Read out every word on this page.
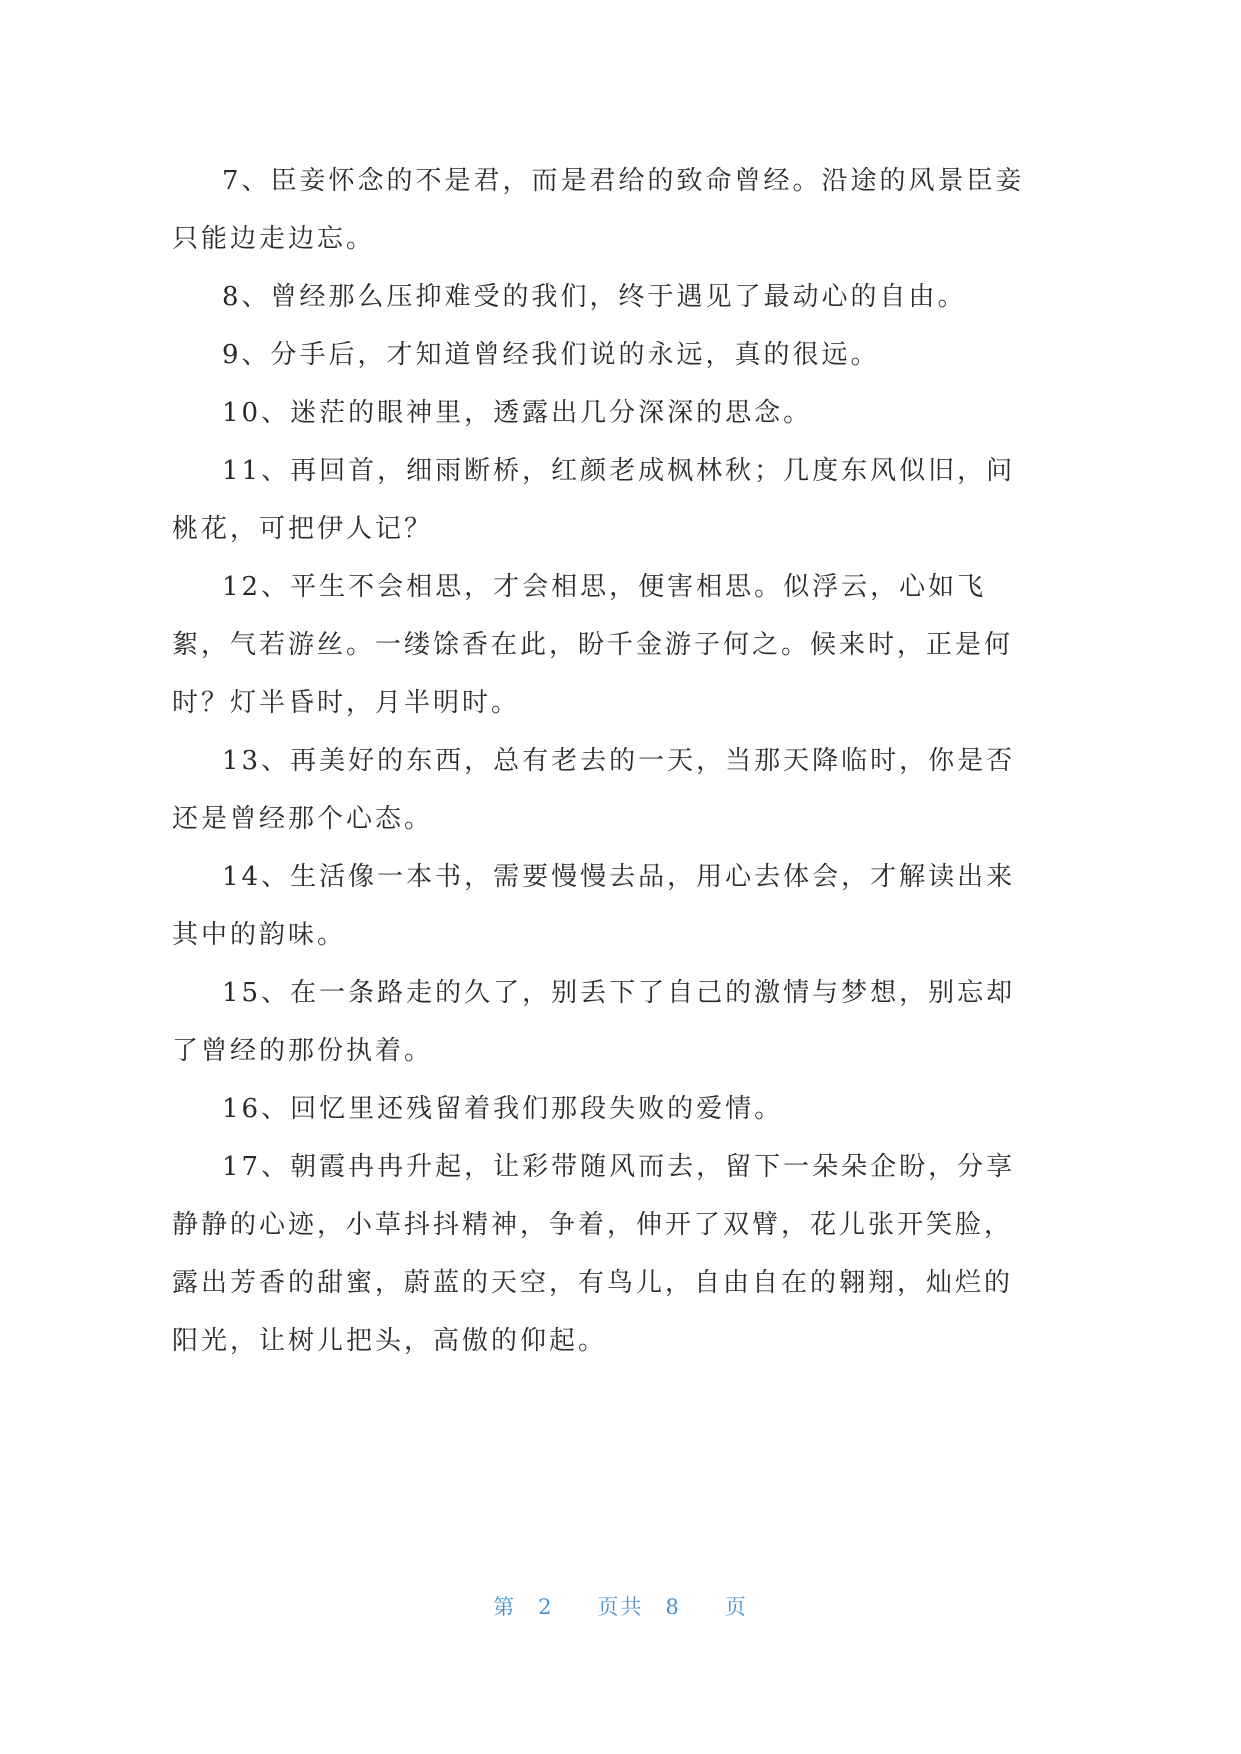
7、臣妾怀念的不是君，而是君给的致命曾经。沿途的风景臣妾
只能边走边忘。
8、曾经那么压抑难受的我们，终于遇见了最动心的自由。
9、分手后，才知道曾经我们说的永远，真的很远。
10、迷茫的眼神里，透露出几分深深的思念。
11、再回首，细雨断桥，红颜老成枫林秋；几度东风似旧，问
桃花，可把伊人记？
12、平生不会相思，才会相思，便害相思。似浮云，心如飞
絮，气若游丝。一缕馀香在此，盼千金游子何之。候来时，正是何
时？灯半昏时，月半明时。
13、再美好的东西，总有老去的一天，当那天降临时，你是否
还是曾经那个心态。
14、生活像一本书，需要慢慢去品，用心去体会，才解读出来
其中的韵味。
15、在一条路走的久了，别丢下了自己的激情与梦想，别忘却
了曾经的那份执着。
16、回忆里还残留着我们那段失败的爱情。
17、朝霞冉冉升起，让彩带随风而去，留下一朵朵企盼，分享
静静的心迹，小草抖抖精神，争着，伸开了双臂，花儿张开笑脸，
露出芳香的甜蜜，蔚蓝的天空，有鸟儿，自由自在的翱翔，灿烂的
阳光，让树儿把头，高傲的仰起。
第 2 页共 8 页
